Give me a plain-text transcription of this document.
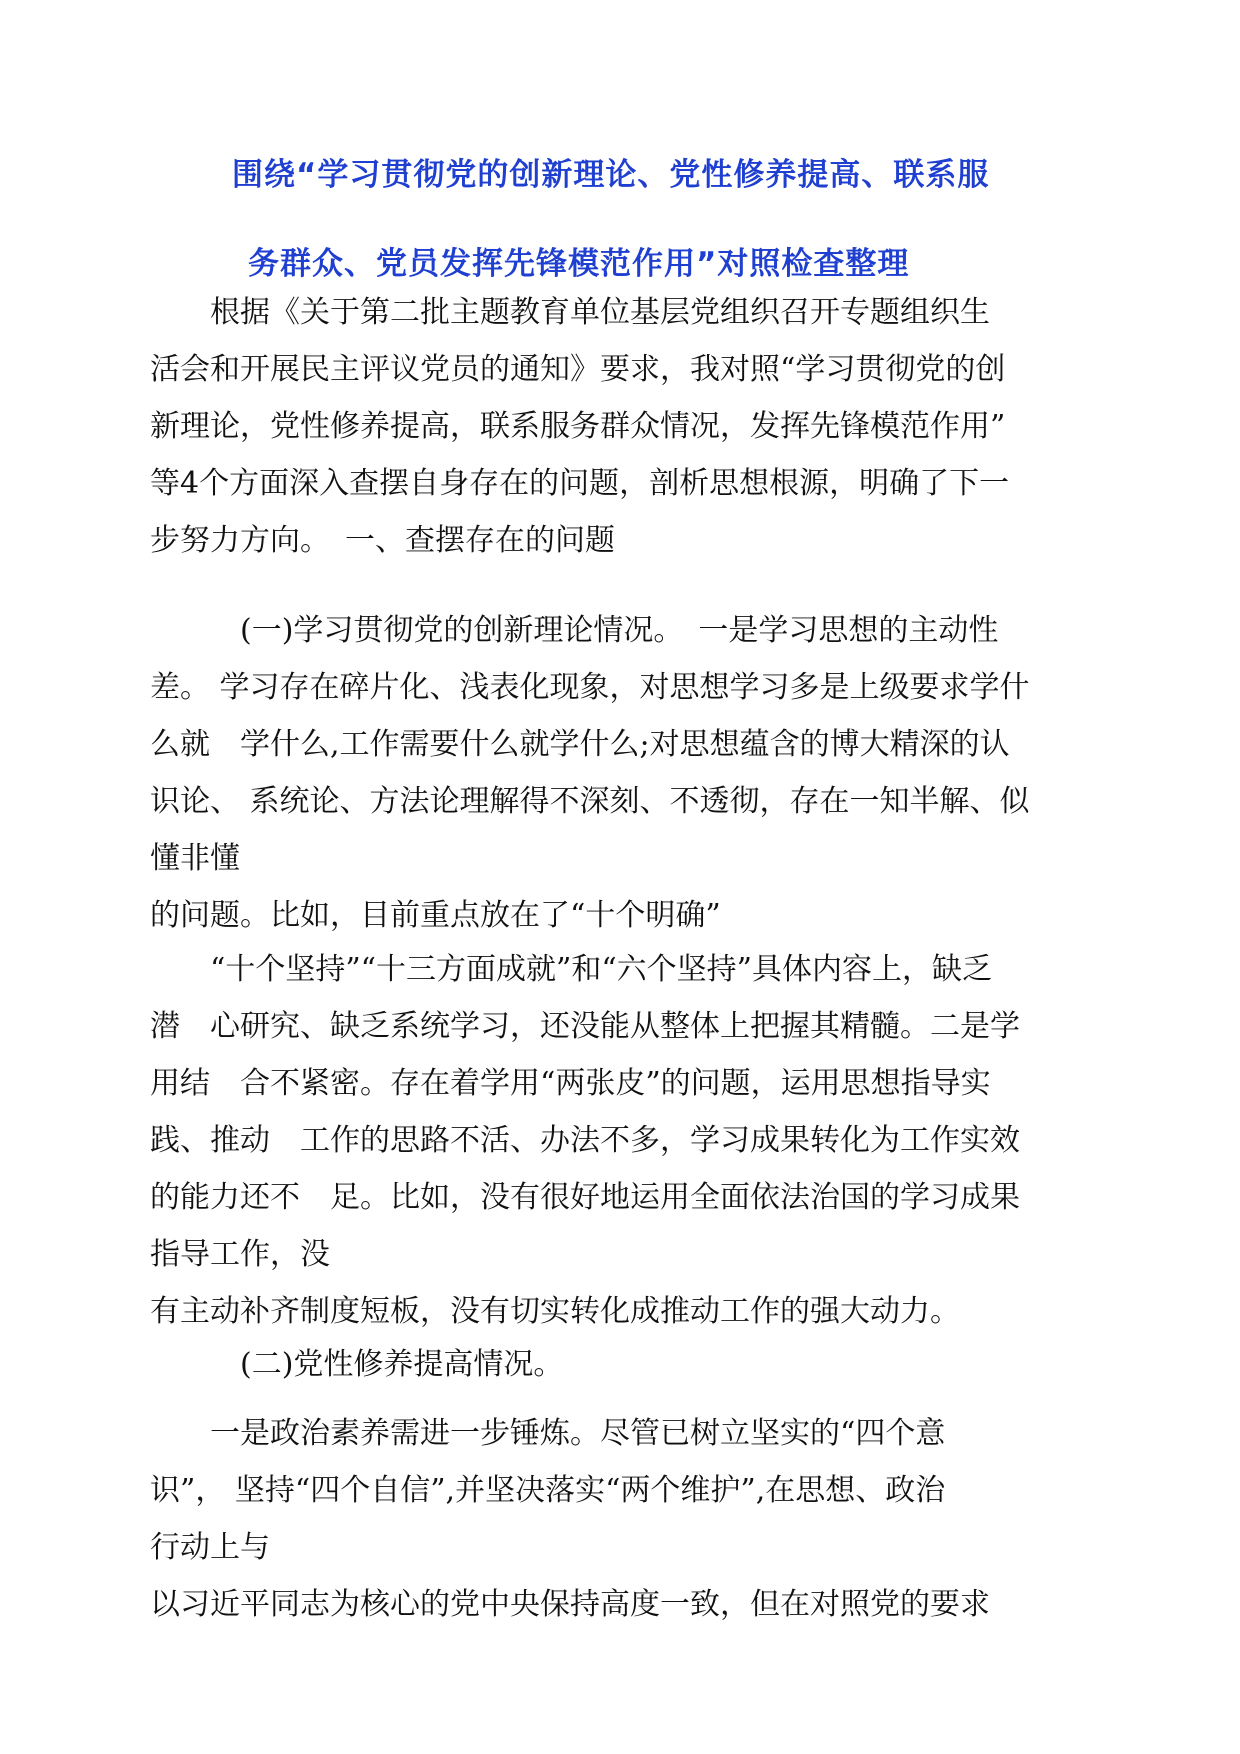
围绕“学习贯彻党的创新理论、党性修养提高、联系服
务群众、党员发挥先锋模范作用”对照检查整理
　　根据《关于第二批主题教育单位基层党组织召开专题组织生
活会和开展民主评议党员的通知》要求，我对照“学习贯彻党的创
新理论，党性修养提高，联系服务群众情况，发挥先锋模范作用”
等4个方面深入查摆自身存在的问题，剖析思想根源，明确了下一
步努力方向。　一、查摆存在的问题
　　　(一)学习贯彻党的创新理论情况。　一是学习思想的主动性
差。 学习存在碎片化、浅表化现象，对思想学习多是上级要求学什
么就　学什么,工作需要什么就学什么;对思想蕴含的博大精深的认
识论、 系统论、方法论理解得不深刻、不透彻，存在一知半解、似
懂非懂
的问题。比如，目前重点放在了“十个明确”
　　“十个坚持”“十三方面成就”和“六个坚持”具体内容上，缺乏
潜　心研究、缺乏系统学习，还没能从整体上把握其精髓。二是学
用结　合不紧密。存在着学用“两张皮”的问题，运用思想指导实
践、推动　工作的思路不活、办法不多，学习成果转化为工作实效
的能力还不　足。比如，没有很好地运用全面依法治国的学习成果
指导工作，没
有主动补齐制度短板，没有切实转化成推动工作的强大动力。
　　　(二)党性修养提高情况。
　　一是政治素养需进一步锤炼。尽管已树立坚实的“四个意
识”， 坚持“四个自信”,并坚决落实“两个维护”,在思想、政治
行动上与
以习近平同志为核心的党中央保持高度一致，但在对照党的要求
